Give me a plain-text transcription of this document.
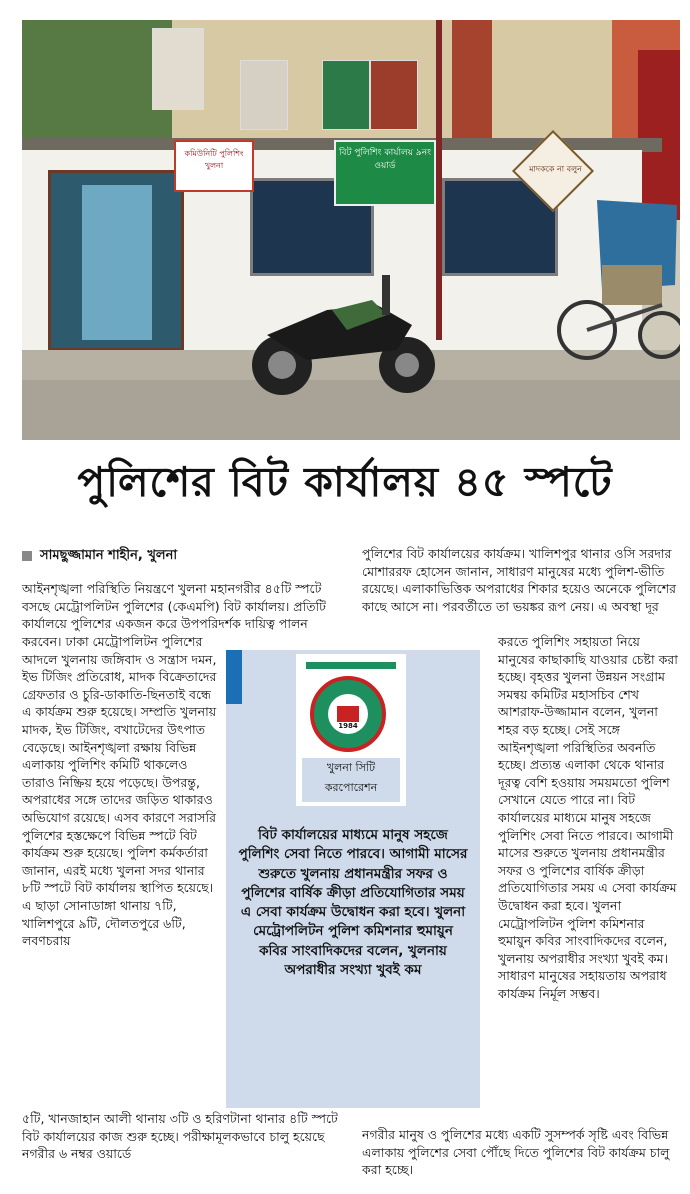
বিট পুলিশিং কার্যালয় ৯নং ওয়ার্ড
কমিউনিটি পুলিশিং খুলনা	মাদককে না বলুন
পুলিশের বিট কার্যালয় ৪৫ স্পটে
সামছুজ্জামান শাহীন, খুলনা

আইনশৃঙ্খলা পরিস্থিতি নিয়ন্ত্রণে খুলনা মহানগরীর ৪৫টি স্পটে বসছে মেট্রোপলিটন পুলিশের (কেএমপি) বিট কার্যালয়। প্রতিটি কার্যালয়ে পুলিশের একজন করে উপপরিদর্শক দায়িত্ব পালন

করবেন। ঢাকা মেট্রোপলিটন পুলিশের আদলে খুলনায় জঙ্গিবাদ ও সন্ত্রাস দমন, ইভ টিজিং প্রতিরোধ, মাদক বিক্রেতাদের গ্রেফতার ও চুরি-ডাকাতি-ছিনতাই বন্ধে এ কার্যক্রম শুরু হয়েছে। সম্প্রতি খুলনায় মাদক, ইভ টিজিং, বখাটেদের উৎপাত বেড়েছে। আইনশৃঙ্খলা রক্ষায় বিভিন্ন এলাকায় পুলিশিং কমিটি থাকলেও তারাও নিষ্ক্রিয় হয়ে পড়েছে। উপরন্তু, অপরাধের সঙ্গে তাদের জড়িত থাকারও অভিযোগ রয়েছে। এসব কারণে সরাসরি পুলিশের হস্তক্ষেপে বিভিন্ন স্পটে বিট কার্যক্রম শুরু হয়েছে। পুলিশ কর্মকর্তারা জানান, এরই মধ্যে খুলনা সদর থানার ৮টি স্পটে বিট কার্যালয় স্থাপিত হয়েছে। এ ছাড়া সোনাডাঙ্গা থানায় ৭টি, খালিশপুরে ৯টি, দৌলতপুরে ৬টি, লবণচরায়

৫টি, খানজাহান আলী থানায় ৩টি ও হরিণটানা থানার ৪টি স্পটে বিট কার্যালয়ের কাজ শুরু হচ্ছে। পরীক্ষামূলকভাবে চালু হয়েছে নগরীর ৬ নম্বর ওয়ার্ডে

পুলিশের বিট কার্যালয়ের কার্যক্রম। খালিশপুর থানার ওসি সরদার মোশাররফ হোসেন জানান, সাধারণ মানুষের মধ্যে পুলিশ-ভীতি রয়েছে। এলাকাভিত্তিক অপরাধের শিকার হয়েও অনেকে পুলিশের কাছে আসে না। পরবর্তীতে তা ভয়ঙ্কর রূপ নেয়। এ অবস্থা দূর

করতে পুলিশিং সহায়তা নিয়ে মানুষের কাছাকাছি যাওয়ার চেষ্টা করা হচ্ছে। বৃহত্তর খুলনা উন্নয়ন সংগ্রাম সমন্বয় কমিটির মহাসচিব শেখ আশরাফ-উজ্জামান বলেন, খুলনা শহর বড় হচ্ছে। সেই সঙ্গে আইনশৃঙ্খলা পরিস্থিতির অবনতি হচ্ছে। প্রত্যন্ত এলাকা থেকে থানার দূরত্ব বেশি হওয়ায় সময়মতো পুলিশ সেখানে যেতে পারে না। বিট কার্যালয়ের মাধ্যমে মানুষ সহজে পুলিশিং সেবা নিতে পারবে। আগামী মাসের শুরুতে খুলনায় প্রধানমন্ত্রীর সফর ও পুলিশের বার্ষিক ক্রীড়া প্রতিযোগিতার সময় এ সেবা কার্যক্রম উদ্বোধন করা হবে। খুলনা মেট্রোপলিটন পুলিশ কমিশনার হুমায়ুন কবির সাংবাদিকদের বলেন, খুলনায় অপরাধীর সংখ্যা খুবই কম। সাধারণ মানুষের সহায়তায় অপরাধ কার্যক্রম নির্মূল সম্ভব।

নগরীর মানুষ ও পুলিশের মধ্যে একটি সুসম্পর্ক সৃষ্টি এবং বিভিন্ন এলাকায় পুলিশের সেবা পৌঁছে দিতে পুলিশের বিট কার্যক্রম চালু করা হচ্ছে।

1984
খুলনা সিটি করপোরেশন
বিট কার্যালয়ের মাধ্যমে মানুষ সহজে পুলিশিং সেবা নিতে পারবে। আগামী মাসের শুরুতে খুলনায় প্রধানমন্ত্রীর সফর ও পুলিশের বার্ষিক ক্রীড়া প্রতিযোগিতার সময় এ সেবা কার্যক্রম উদ্বোধন করা হবে। খুলনা মেট্রোপলিটন পুলিশ কমিশনার হুমায়ুন কবির সাংবাদিকদের বলেন, খুলনায় অপরাধীর সংখ্যা খুবই কম
